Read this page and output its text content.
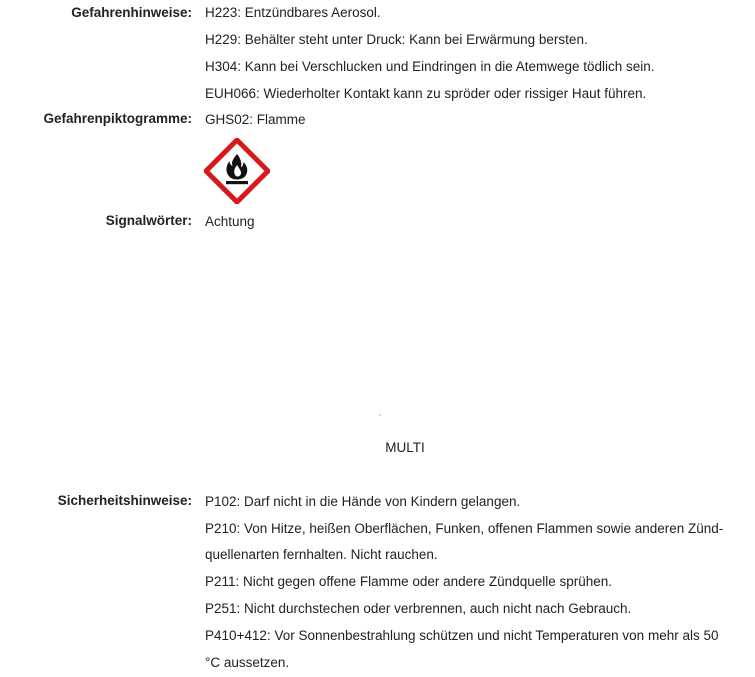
Gefahrenhinweise: H223: Entzündbares Aerosol.
H229: Behälter steht unter Druck: Kann bei Erwärmung bersten.
H304: Kann bei Verschlucken und Eindringen in die Atemwege tödlich sein.
EUH066: Wiederholter Kontakt kann zu spröder oder rissiger Haut führen.
Gefahrenpiktogramme: GHS02: Flamme
Signalwörter: Achtung
MULTI
Sicherheitshinweise: P102: Darf nicht in die Hände von Kindern gelangen.
P210: Von Hitze, heißen Oberflächen, Funken, offenen Flammen sowie anderen Zünd-
quellenarten fernhalten. Nicht rauchen.
P211: Nicht gegen offene Flamme oder andere Zündquelle sprühen.
P251: Nicht durchstechen oder verbrennen, auch nicht nach Gebrauch.
P410+412: Vor Sonnenbestrahlung schützen und nicht Temperaturen von mehr als 50
°C aussetzen.
